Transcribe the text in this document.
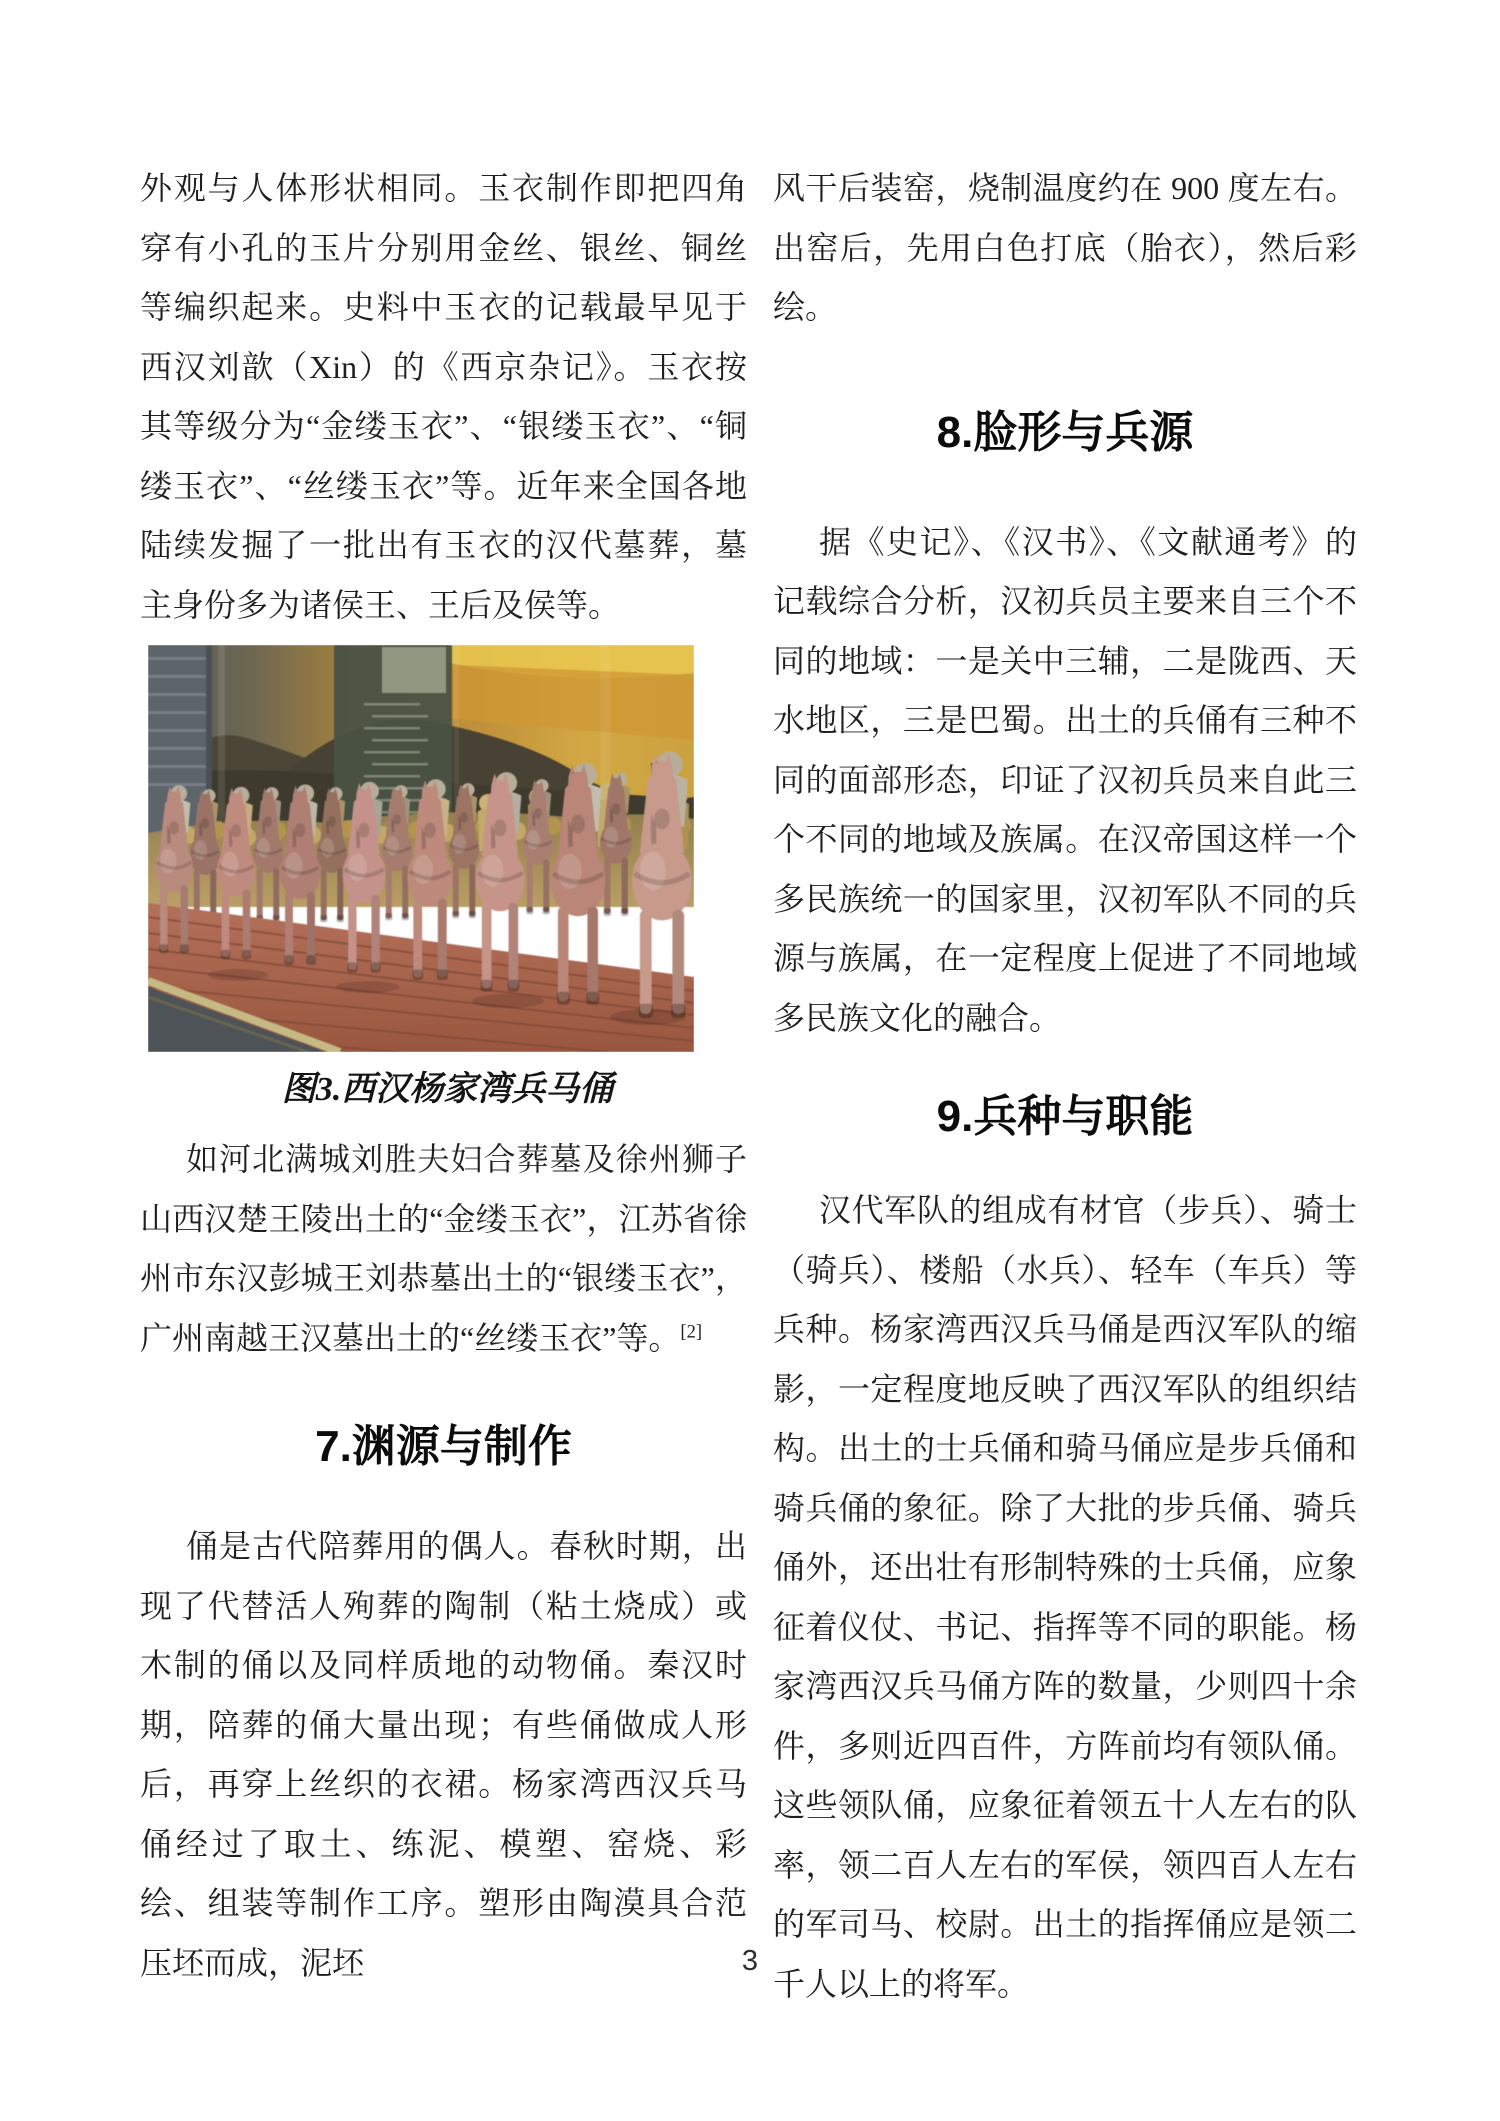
外观与人体形状相同。玉衣制作即把四角穿有小孔的玉片分别用金丝、银丝、铜丝等编织起来。史料中玉衣的记载最早见于西汉刘歆（Xin）的《西京杂记》。玉衣按其等级分为“金缕玉衣”、“银缕玉衣”、“铜缕玉衣”、“丝缕玉衣”等。近年来全国各地陆续发掘了一批出有玉衣的汉代墓葬，墓主身份多为诸侯王、王后及侯等。

图3.西汉杨家湾兵马俑

如河北满城刘胜夫妇合葬墓及徐州狮子山西汉楚王陵出土的“金缕玉衣”，江苏省徐州市东汉彭城王刘恭墓出土的“银缕玉衣”，广州南越王汉墓出土的“丝缕玉衣”等。[2]

7.渊源与制作

俑是古代陪葬用的偶人。春秋时期，出现了代替活人殉葬的陶制（粘土烧成）或木制的俑以及同样质地的动物俑。秦汉时期，陪葬的俑大量出现；有些俑做成人形后，再穿上丝织的衣裙。杨家湾西汉兵马俑经过了取土、练泥、模塑、窑烧、彩绘、组装等制作工序。塑形由陶漠具合范压坯而成，泥坯

风干后装窑，烧制温度约在 900 度左右。出窑后，先用白色打底（胎衣），然后彩绘。

8.脸形与兵源

据《史记》、《汉书》、《文献通考》的记载综合分析，汉初兵员主要来自三个不同的地域：一是关中三辅，二是陇西、天水地区，三是巴蜀。出土的兵俑有三种不同的面部形态，印证了汉初兵员来自此三个不同的地域及族属。在汉帝国这样一个多民族统一的国家里，汉初军队不同的兵源与族属，在一定程度上促进了不同地域多民族文化的融合。

9.兵种与职能

汉代军队的组成有材官（步兵）、骑士（骑兵）、楼船（水兵）、轻车（车兵）等兵种。杨家湾西汉兵马俑是西汉军队的缩影，一定程度地反映了西汉军队的组织结构。出土的士兵俑和骑马俑应是步兵俑和骑兵俑的象征。除了大批的步兵俑、骑兵俑外，还出壮有形制特殊的士兵俑，应象征着仪仗、书记、指挥等不同的职能。杨家湾西汉兵马俑方阵的数量，少则四十余件，多则近四百件，方阵前均有领队俑。这些领队俑，应象征着领五十人左右的队率，领二百人左右的军侯，领四百人左右的军司马、校尉。出土的指挥俑应是领二千人以上的将军。

3
